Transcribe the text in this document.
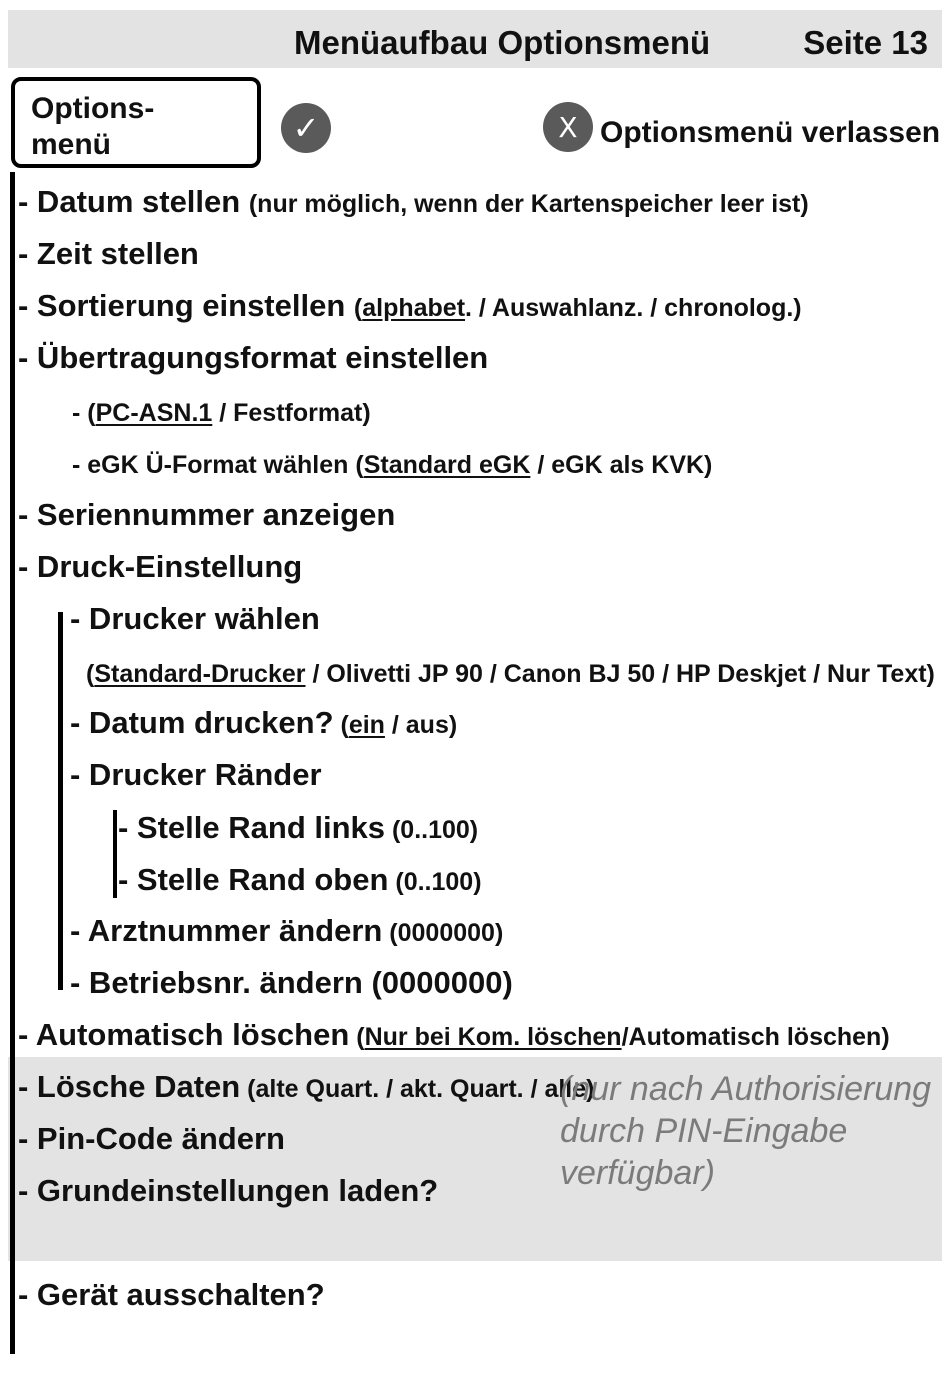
Menüaufbau Optionsmenü	Seite 13
Options-
menü	✓	X Optionsmenü verlassen
- Datum stellen (nur möglich, wenn der Kartenspeicher leer ist)
- Zeit stellen
- Sortierung einstellen (alphabet. / Auswahlanz. / chronolog.)
- Übertragungsformat einstellen
- (PC-ASN.1 / Festformat)
- eGK Ü-Format wählen (Standard eGK / eGK als KVK)
- Seriennummer anzeigen
- Druck-Einstellung
- Drucker wählen
(Standard-Drucker / Olivetti JP 90 / Canon BJ 50 / HP Deskjet / Nur Text)
- Datum drucken? (ein / aus)
- Drucker Ränder
- Stelle Rand links (0..100)
- Stelle Rand oben (0..100)
- Arztnummer ändern (0000000)
- Betriebsnr. ändern (0000000)
- Automatisch löschen (Nur bei Kom. löschen/Automatisch löschen)
- Lösche Daten (alte Quart. / akt. Quart. / alle)
- Pin-Code ändern
- Grundeinstellungen laden?
(nur nach Authorisierung durch PIN-Eingabe verfügbar)
- Gerät ausschalten?
